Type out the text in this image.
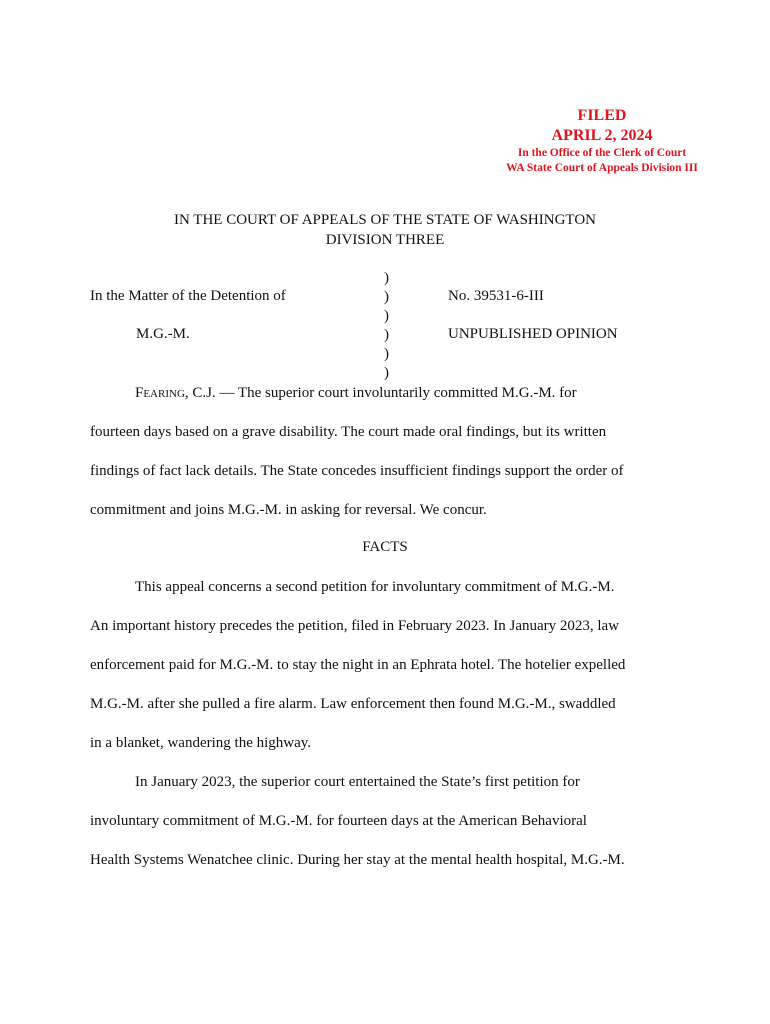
FILED
APRIL 2, 2024
In the Office of the Clerk of Court
WA State Court of Appeals Division III
IN THE COURT OF APPEALS OF THE STATE OF WASHINGTON
DIVISION THREE
)
)
)
)
)
)
In the Matter of the Detention of
M.G.-M.
No. 39531-6-III
UNPUBLISHED OPINION
Fearing, C.J. — The superior court involuntarily committed M.G.-M. for
fourteen days based on a grave disability. The court made oral findings, but its written
findings of fact lack details. The State concedes insufficient findings support the order of
commitment and joins M.G.-M. in asking for reversal. We concur.
FACTS
This appeal concerns a second petition for involuntary commitment of M.G.-M.
An important history precedes the petition, filed in February 2023. In January 2023, law
enforcement paid for M.G.-M. to stay the night in an Ephrata hotel. The hotelier expelled
M.G.-M. after she pulled a fire alarm. Law enforcement then found M.G.-M., swaddled
in a blanket, wandering the highway.
In January 2023, the superior court entertained the State’s first petition for
involuntary commitment of M.G.-M. for fourteen days at the American Behavioral
Health Systems Wenatchee clinic. During her stay at the mental health hospital, M.G.-M.
